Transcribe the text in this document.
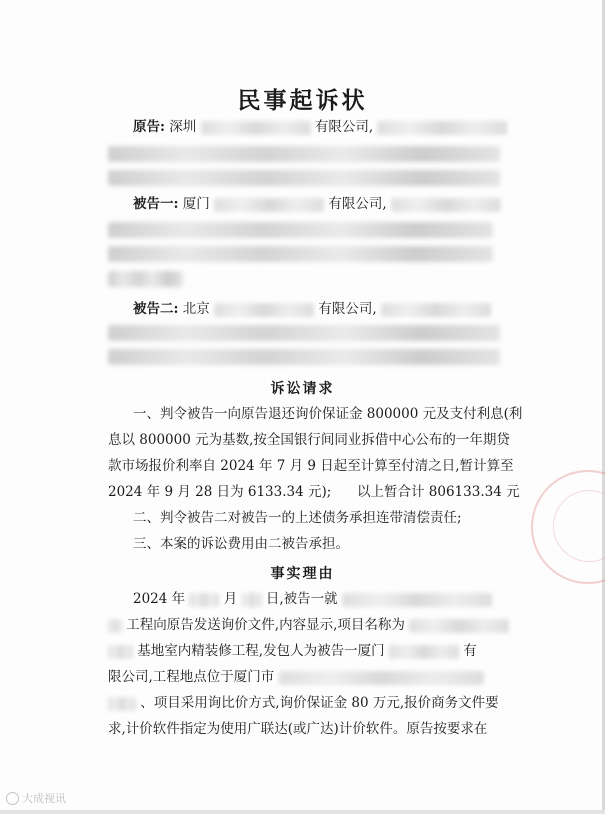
民事起诉状
原告: 深圳	有限公司,
被告一: 厦门	有限公司,
被告二: 北京	有限公司,
诉讼请求
一、判令被告一向原告退还询价保证金 800000 元及支付利息(利
息以 800000 元为基数,按全国银行间同业拆借中心公布的一年期贷
款市场报价利率自 2024 年 7 月 9 日起至计算至付清之日,暂计算至
2024 年 9 月 28 日为 6133.34 元); 以上暂合计 806133.34 元
二、判令被告二对被告一的上述债务承担连带清偿责任;
三、本案的诉讼费用由二被告承担。
事实理由
2024 年	月 日,被告一就
工程向原告发送询价文件,内容显示,项目名称为
基地室内精装修工程,发包人为被告一厦门	有
限公司,工程地点位于厦门市
、项目采用询比价方式,询价保证金 80 万元,报价商务文件要
求,计价软件指定为使用广联达(或广达)计价软件。原告按要求在
大成视讯
